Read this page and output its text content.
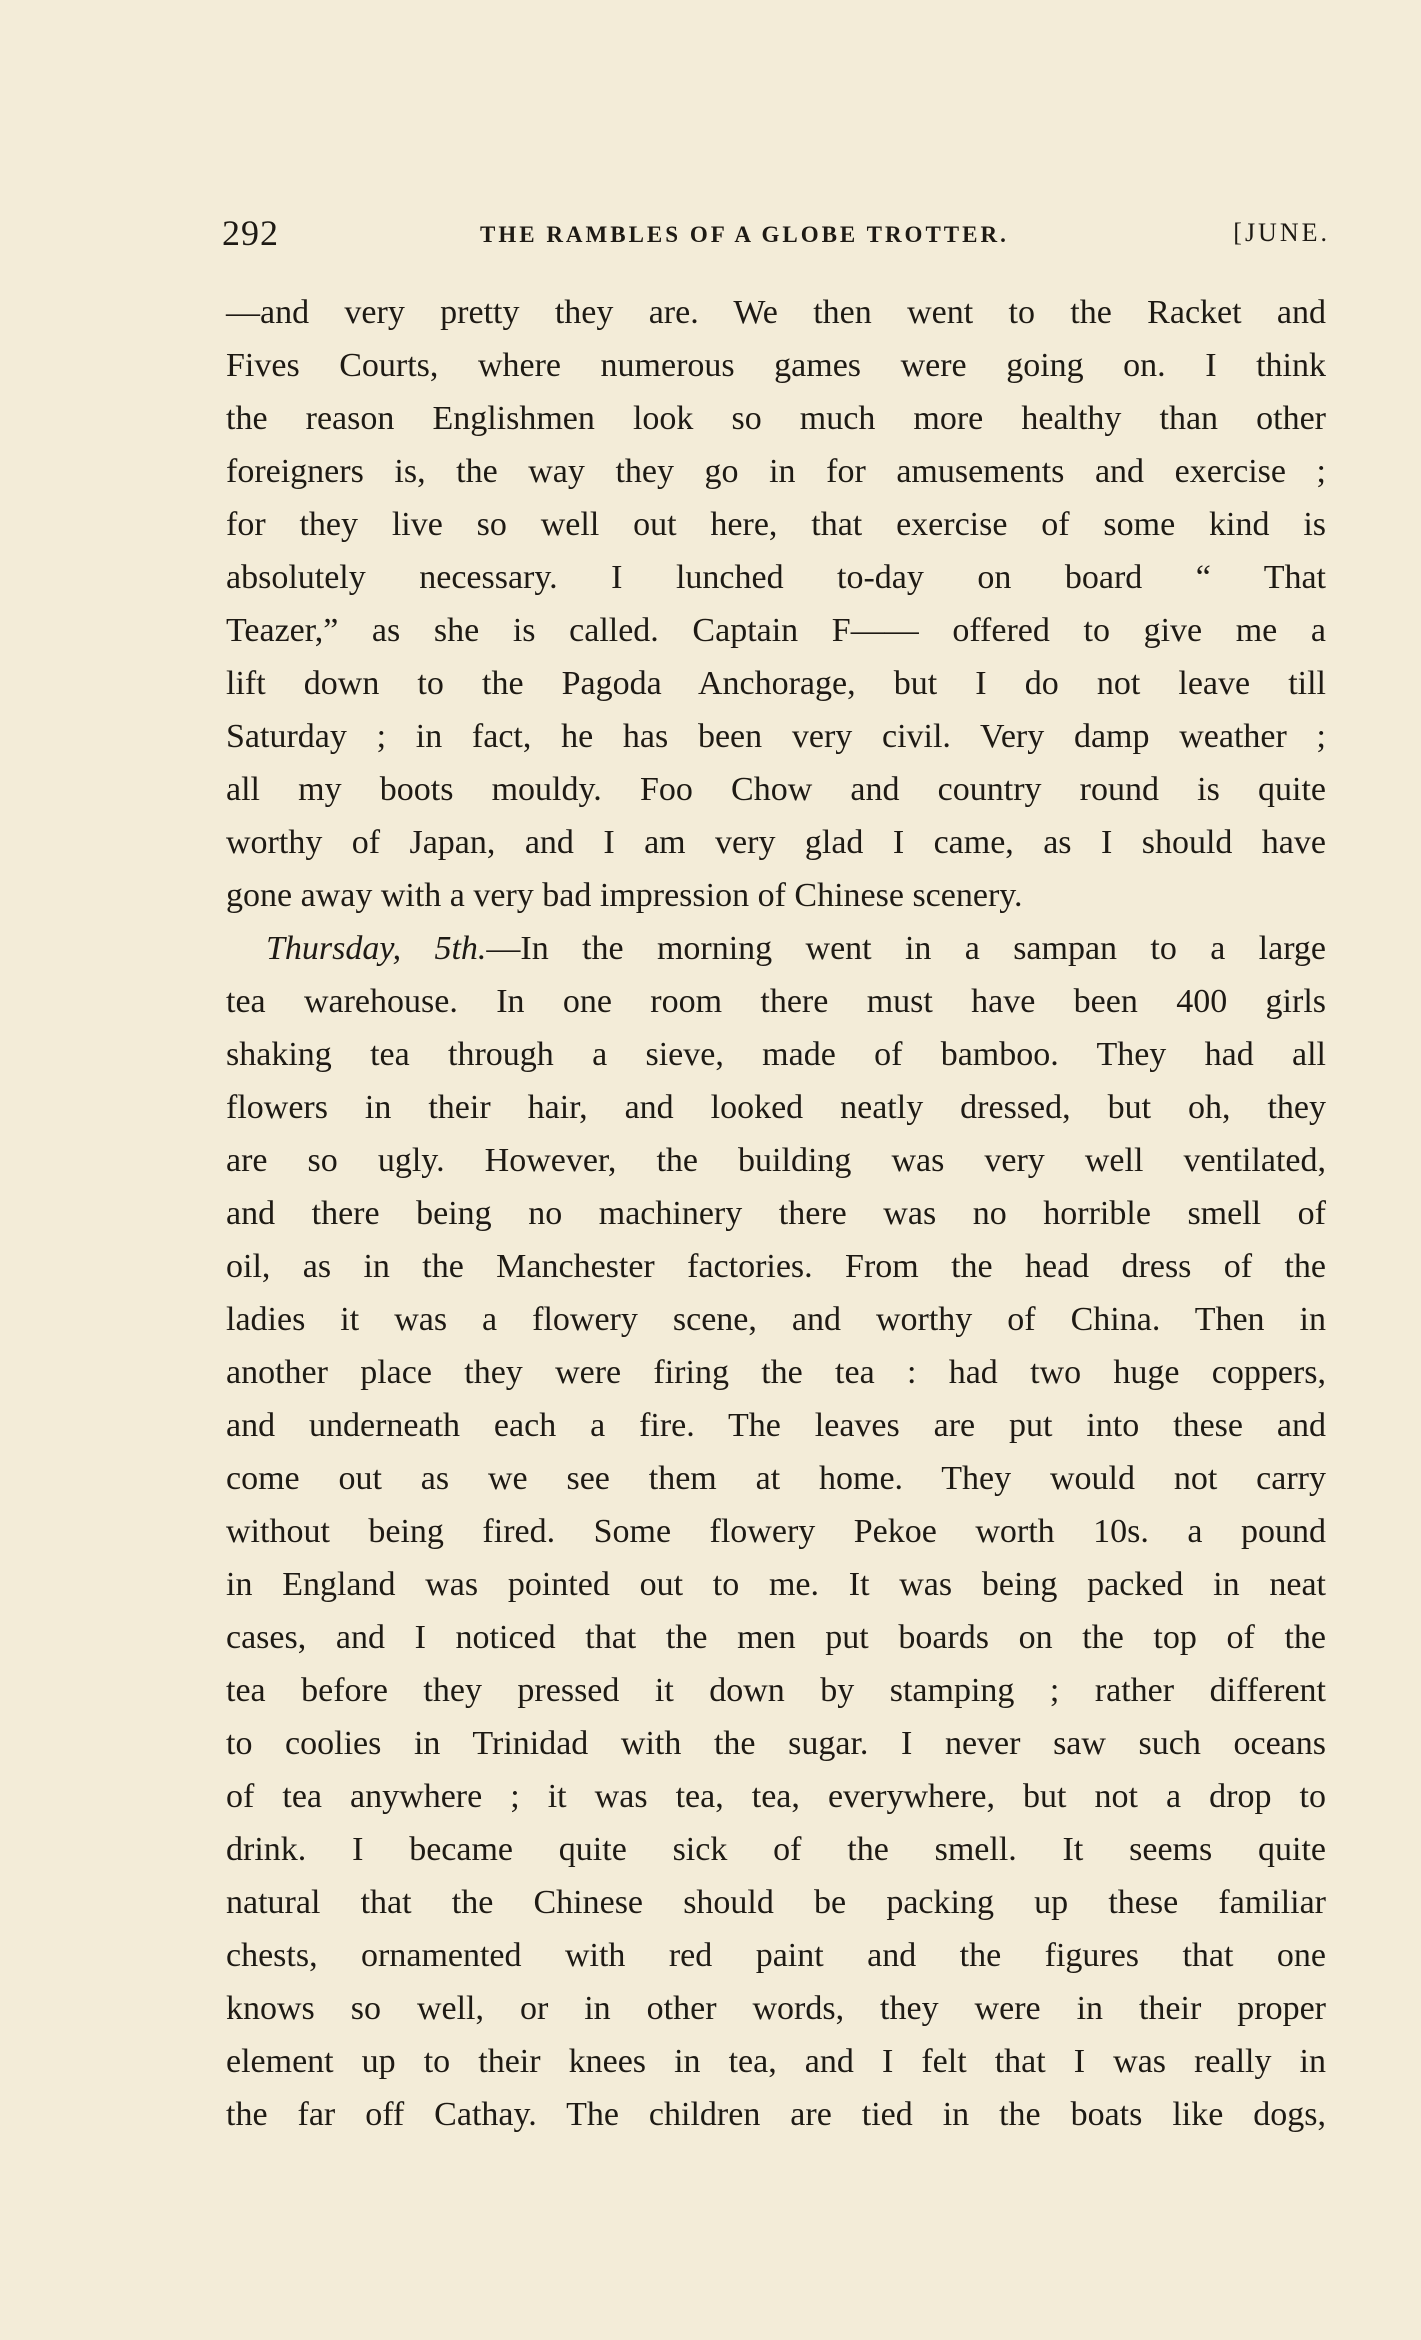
292	THE RAMBLES OF A GLOBE TROTTER.	[JUNE.
—and very pretty they are. We then went to the Racket and
Fives Courts, where numerous games were going on. I think
the reason Englishmen look so much more healthy than other
foreigners is, the way they go in for amusements and exercise ;
for they live so well out here, that exercise of some kind is
absolutely necessary. I lunched to-day on board “ That
Teazer,” as she is called. Captain F—— offered to give me a
lift down to the Pagoda Anchorage, but I do not leave till
Saturday ; in fact, he has been very civil. Very damp weather ;
all my boots mouldy. Foo Chow and country round is quite
worthy of Japan, and I am very glad I came, as I should have
gone away with a very bad impression of Chinese scenery.
Thursday, 5th.—In the morning went in a sampan to a large
tea warehouse. In one room there must have been 400 girls
shaking tea through a sieve, made of bamboo. They had all
flowers in their hair, and looked neatly dressed, but oh, they
are so ugly. However, the building was very well ventilated,
and there being no machinery there was no horrible smell of
oil, as in the Manchester factories. From the head dress of the
ladies it was a flowery scene, and worthy of China. Then in
another place they were firing the tea : had two huge coppers,
and underneath each a fire. The leaves are put into these and
come out as we see them at home. They would not carry
without being fired. Some flowery Pekoe worth 10s. a pound
in England was pointed out to me. It was being packed in neat
cases, and I noticed that the men put boards on the top of the
tea before they pressed it down by stamping ; rather different
to coolies in Trinidad with the sugar. I never saw such oceans
of tea anywhere ; it was tea, tea, everywhere, but not a drop to
drink. I became quite sick of the smell. It seems quite
natural that the Chinese should be packing up these familiar
chests, ornamented with red paint and the figures that one
knows so well, or in other words, they were in their proper
element up to their knees in tea, and I felt that I was really in
the far off Cathay. The children are tied in the boats like dogs,
